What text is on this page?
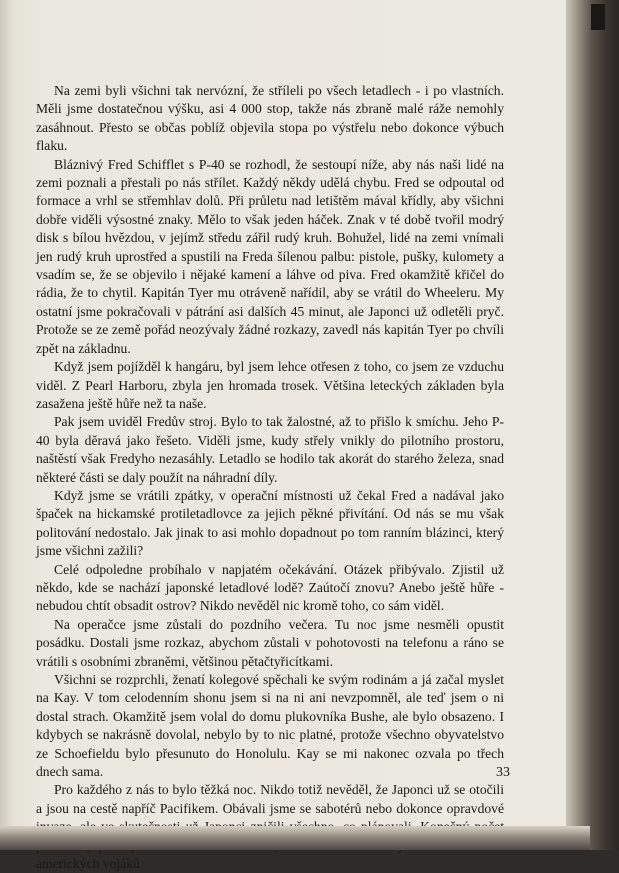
Na zemi byli všichni tak nervózní, že stříleli po všech letadlech - i po vlastních. Měli jsme dostatečnou výšku, asi 4 000 stop, takže nás zbraně malé ráže nemohly zasáhnout. Přesto se občas poblíž objevila stopa po výstřelu nebo dokonce výbuch flaku.

Bláznivý Fred Schifflet s P-40 se rozhodl, že sestoupí níže, aby nás naši lidé na zemi poznali a přestali po nás střílet. Každý někdy udělá chybu. Fred se odpoutal od formace a vrhl se střemhlav dolů. Při průletu nad letištěm mával křídly, aby všichni dobře viděli výsostné znaky. Mělo to však jeden háček. Znak v té době tvořil modrý disk s bílou hvězdou, v jejímž středu zářil rudý kruh. Bohužel, lidé na zemi vnímali jen rudý kruh uprostřed a spustili na Freda šílenou palbu: pistole, pušky, kulomety a vsadím se, že se objevilo i nějaké kamení a láhve od piva. Fred okamžitě křičel do rádia, že to chytil. Kapitán Tyer mu otráveně nařídil, aby se vrátil do Wheeleru. My ostatní jsme pokračovali v pátrání asi dalších 45 minut, ale Japonci už odletěli pryč. Protože se ze země pořád neozývaly žádné rozkazy, zavedl nás kapitán Tyer po chvíli zpět na základnu.

Když jsem pojížděl k hangáru, byl jsem lehce otřesen z toho, co jsem ze vzduchu viděl. Z Pearl Harboru, zbyla jen hromada trosek. Většina leteckých základen byla zasažena ještě hůře než ta naše.

Pak jsem uviděl Fredův stroj. Bylo to tak žalostné, až to přišlo k smíchu. Jeho P-40 byla děravá jako řešeto. Viděli jsme, kudy střely vnikly do pilotního prostoru, naštěstí však Fredyho nezasáhly. Letadlo se hodilo tak akorát do starého železa, snad některé části se daly použít na náhradní díly.

Když jsme se vrátili zpátky, v operační místnosti už čekal Fred a nadával jako špaček na hickamské protiletadlovce za jejich pěkné přivítání. Od nás se mu však politování nedostalo. Jak jinak to asi mohlo dopadnout po tom ranním blázinci, který jsme všichni zažili?

Celé odpoledne probíhalo v napjatém očekávání. Otázek přibývalo. Zjistil už někdo, kde se nachází japonské letadlové lodě? Zaútočí znovu? Anebo ještě hůře - nebudou chtít obsadit ostrov? Nikdo nevěděl nic kromě toho, co sám viděl.

Na operačce jsme zůstali do pozdního večera. Tu noc jsme nesměli opustit posádku. Dostali jsme rozkaz, abychom zůstali v pohotovosti na telefonu a ráno se vrátili s osobními zbraněmi, většinou pětačtyřicítkami.

Všichni se rozprchli, ženatí kolegové spěchali ke svým rodinám a já začal myslet na Kay. V tom celodenním shonu jsem si na ni ani nevzpomněl, ale teď jsem o ni dostal strach. Okamžitě jsem volal do domu plukovníka Bushe, ale bylo obsazeno. I kdybych se nakrásně dovolal, nebylo by to nic platné, protože všechno obyvatelstvo ze Schoefieldu bylo přesunuto do Honolulu. Kay se mi nakonec ozvala po třech dnech sama.

Pro každého z nás to bylo těžká noc. Nikdo totiž nevěděl, že Japonci už se otočili a jsou na cestě napříč Pacifikem. Obávali jsme se sabotérů nebo dokonce opravdové amerických vojáků

33
